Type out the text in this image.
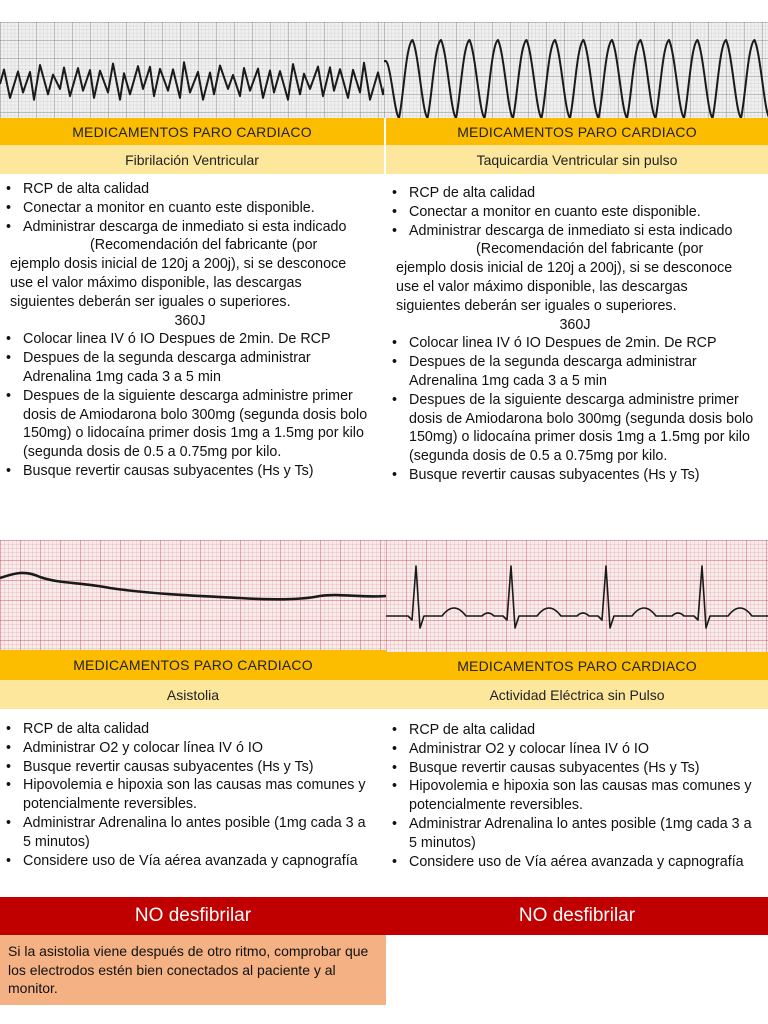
MEDICAMENTOS PARO CARDIACO
Fibrilación Ventricular
• RCP de alta calidad
• Conectar a monitor en cuanto este disponible.
• Administrar descarga de inmediato si esta indicado
(Recomendación del fabricante (por
ejemplo dosis inicial de 120j a 200j), si se desconoce
use el valor máximo disponible, las descargas
siguientes deberán ser iguales o superiores.
360J
• Colocar linea IV ó IO Despues de 2min. De RCP
• Despues de la segunda descarga administrar Adrenalina 1mg cada 3 a 5 min
• Despues de la siguiente descarga administre primer dosis de Amiodarona bolo 300mg (segunda dosis bolo 150mg) o lidocaína primer dosis 1mg a 1.5mg por kilo (segunda dosis de 0.5 a 0.75mg por kilo.
• Busque revertir causas subyacentes (Hs y Ts)
MEDICAMENTOS PARO CARDIACO
Taquicardia Ventricular sin pulso
• RCP de alta calidad
• Conectar a monitor en cuanto este disponible.
• Administrar descarga de inmediato si esta indicado
(Recomendación del fabricante (por
ejemplo dosis inicial de 120j a 200j), si se desconoce
use el valor máximo disponible, las descargas
siguientes deberán ser iguales o superiores.
360J
• Colocar linea IV ó IO Despues de 2min. De RCP
• Despues de la segunda descarga administrar Adrenalina 1mg cada 3 a 5 min
• Despues de la siguiente descarga administre primer dosis de Amiodarona bolo 300mg (segunda dosis bolo 150mg) o lidocaína primer dosis 1mg a 1.5mg por kilo (segunda dosis de 0.5 a 0.75mg por kilo.
• Busque revertir causas subyacentes (Hs y Ts)
MEDICAMENTOS PARO CARDIACO
Asistolia
• RCP de alta calidad
• Administrar O2 y colocar línea IV ó IO
• Busque revertir causas subyacentes (Hs y Ts)
• Hipovolemia e hipoxia son las causas mas comunes y potencialmente reversibles.
• Administrar Adrenalina lo antes posible (1mg cada 3 a 5 minutos)
• Considere uso de Vía aérea avanzada y capnografía
NO desfibrilar
Si la asistolia viene después de otro ritmo, comprobar que los electrodos estén bien conectados al paciente y al monitor.
MEDICAMENTOS PARO CARDIACO
Actividad Eléctrica sin Pulso
• RCP de alta calidad
• Administrar O2 y colocar línea IV ó IO
• Busque revertir causas subyacentes (Hs y Ts)
• Hipovolemia e hipoxia son las causas mas comunes y potencialmente reversibles.
• Administrar Adrenalina lo antes posible (1mg cada 3 a 5 minutos)
• Considere uso de Vía aérea avanzada y capnografía
NO desfibrilar
